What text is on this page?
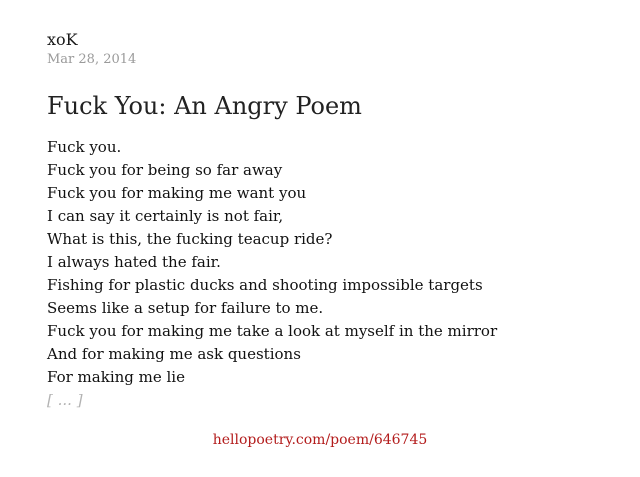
xoK
Mar 28, 2014
Fuck You: An Angry Poem
Fuck you.
Fuck you for being so far away
Fuck you for making me want you
I can say it certainly is not fair,
What is this, the fucking teacup ride?
I always hated the fair.
Fishing for plastic ducks and shooting impossible targets
Seems like a setup for failure to me.
Fuck you for making me take a look at myself in the mirror
And for making me ask questions
For making me lie
[ ... ]
hellopoetry.com/poem/646745
